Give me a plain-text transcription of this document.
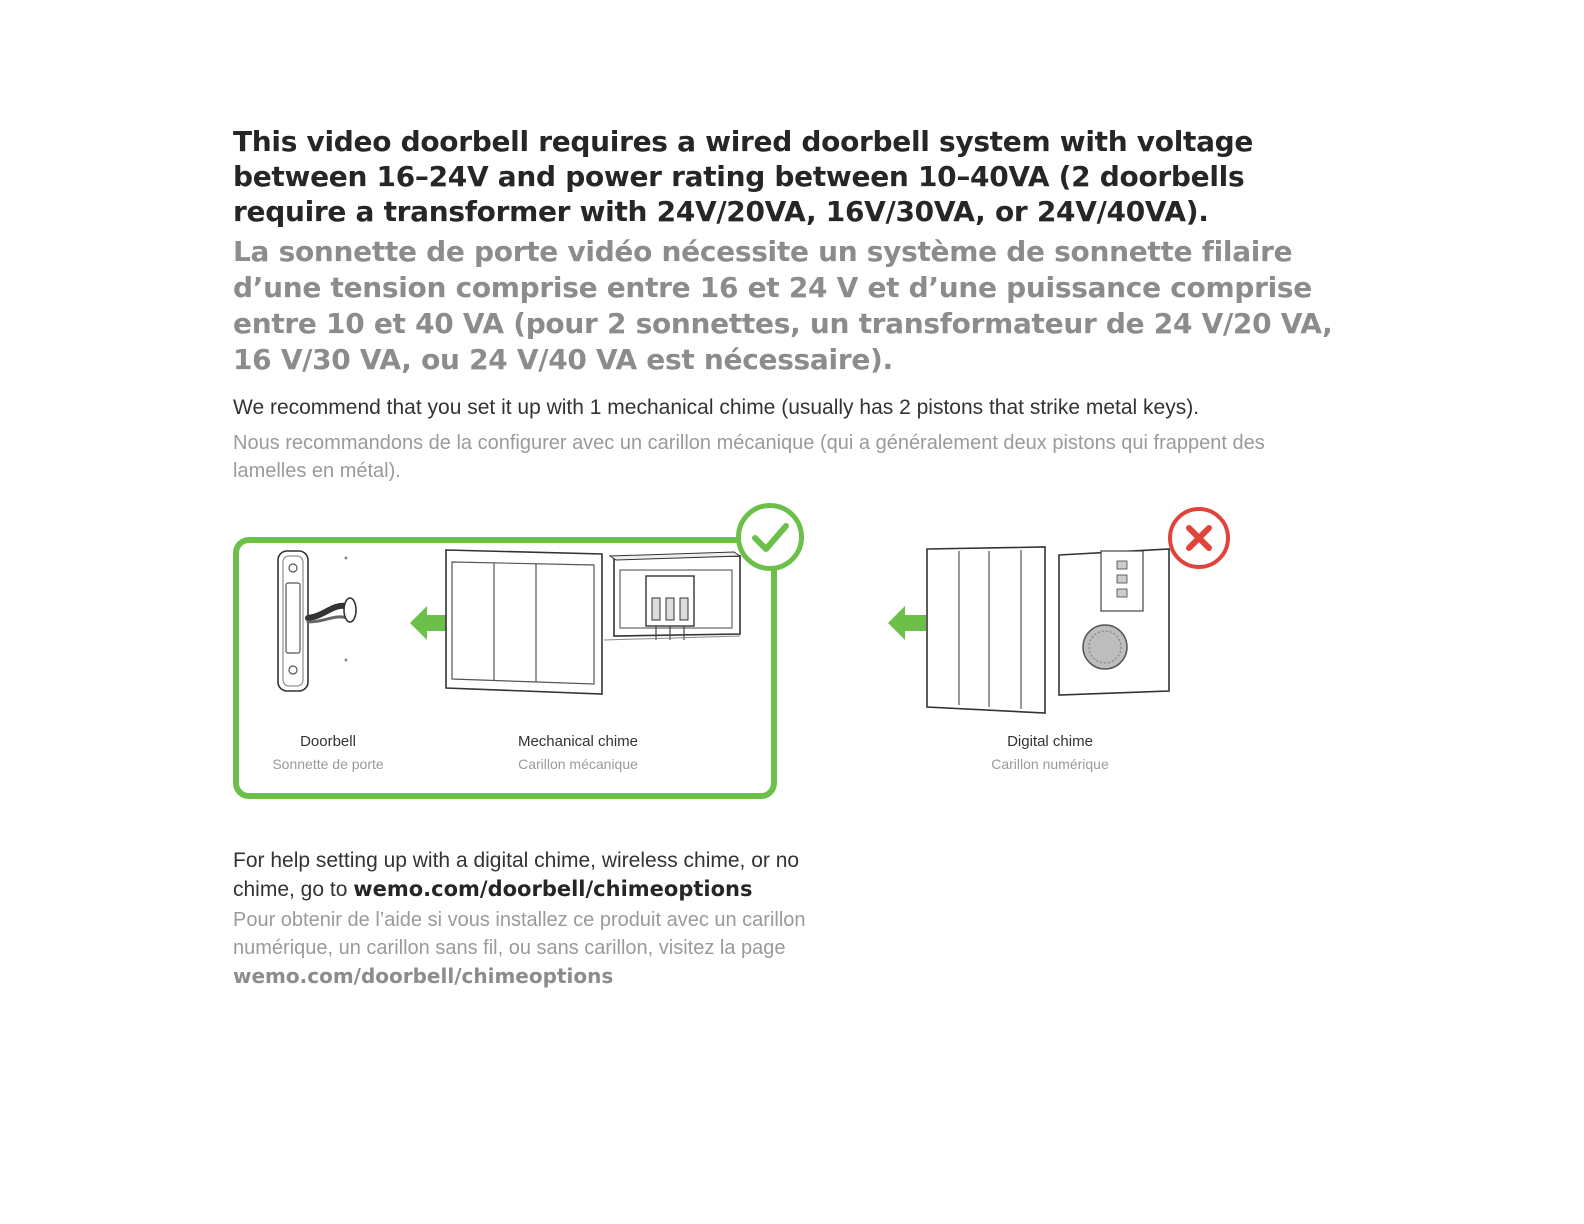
This video doorbell requires a wired doorbell system with voltage between 16–24V and power rating between 10–40VA (2 doorbells require a transformer with 24V/20VA, 16V/30VA, or 24V/40VA).

La sonnette de porte vidéo nécessite un système de sonnette filaire d’une tension comprise entre 16 et 24 V et d’une puissance comprise entre 10 et 40 VA (pour 2 sonnettes, un transformateur de 24 V/20 VA, 16 V/30 VA, ou 24 V/40 VA est nécessaire).

We recommend that you set it up with 1 mechanical chime (usually has 2 pistons that strike metal keys).

Nous recommandons de la configurer avec un carillon mécanique (qui a généralement deux pistons qui frappent des lamelles en métal).

Doorbell
Sonnette de porte

Mechanical chime
Carillon mécanique

Digital chime
Carillon numérique

For help setting up with a digital chime, wireless chime, or no chime, go to wemo.com/doorbell/chimeoptions

Pour obtenir de l’aide si vous installez ce produit avec un carillon numérique, un carillon sans fil, ou sans carillon, visitez la page wemo.com/doorbell/chimeoptions
